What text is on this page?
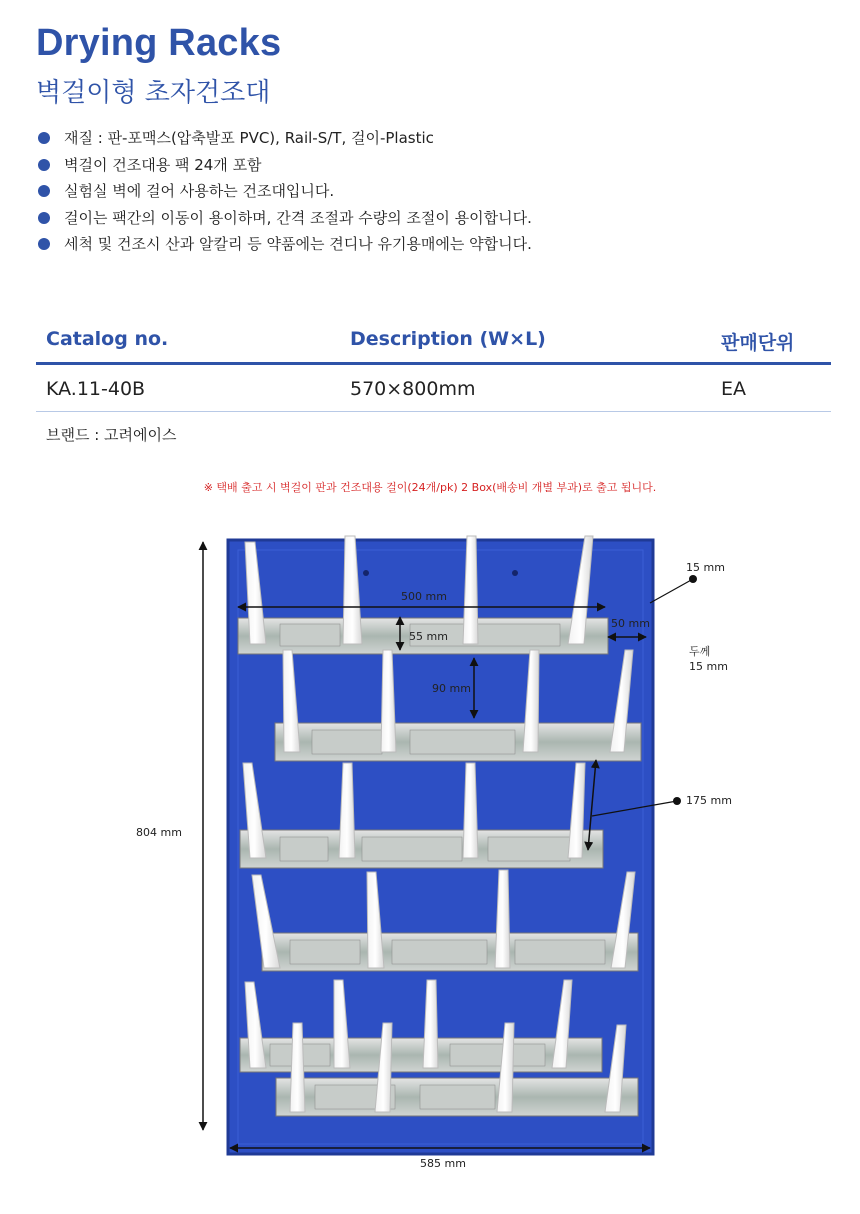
Drying Racks
벽걸이형 초자건조대
재질 : 판-포맥스(압축발포 PVC), Rail-S/T, 걸이-Plastic
벽걸이 건조대용 팩 24개 포함
실험실 벽에 걸어 사용하는 건조대입니다.
걸이는 팩간의 이동이 용이하며, 간격 조절과 수량의 조절이 용이합니다.
세척 및 건조시 산과 알칼리 등 약품에는 견디나 유기용매에는 약합니다.
Catalog no.	Description (W×L)	판매단위
KA.11-40B	570×800mm	EA
브랜드 : 고려에이스
※ 택배 출고 시 벽걸이 판과 건조대용 걸이(24개/pk) 2 Box(배송비 개별 부과)로 출고 됩니다.
500 mm
55 mm
90 mm
50 mm
15 mm
두께
15 mm
175 mm
804 mm
585 mm
